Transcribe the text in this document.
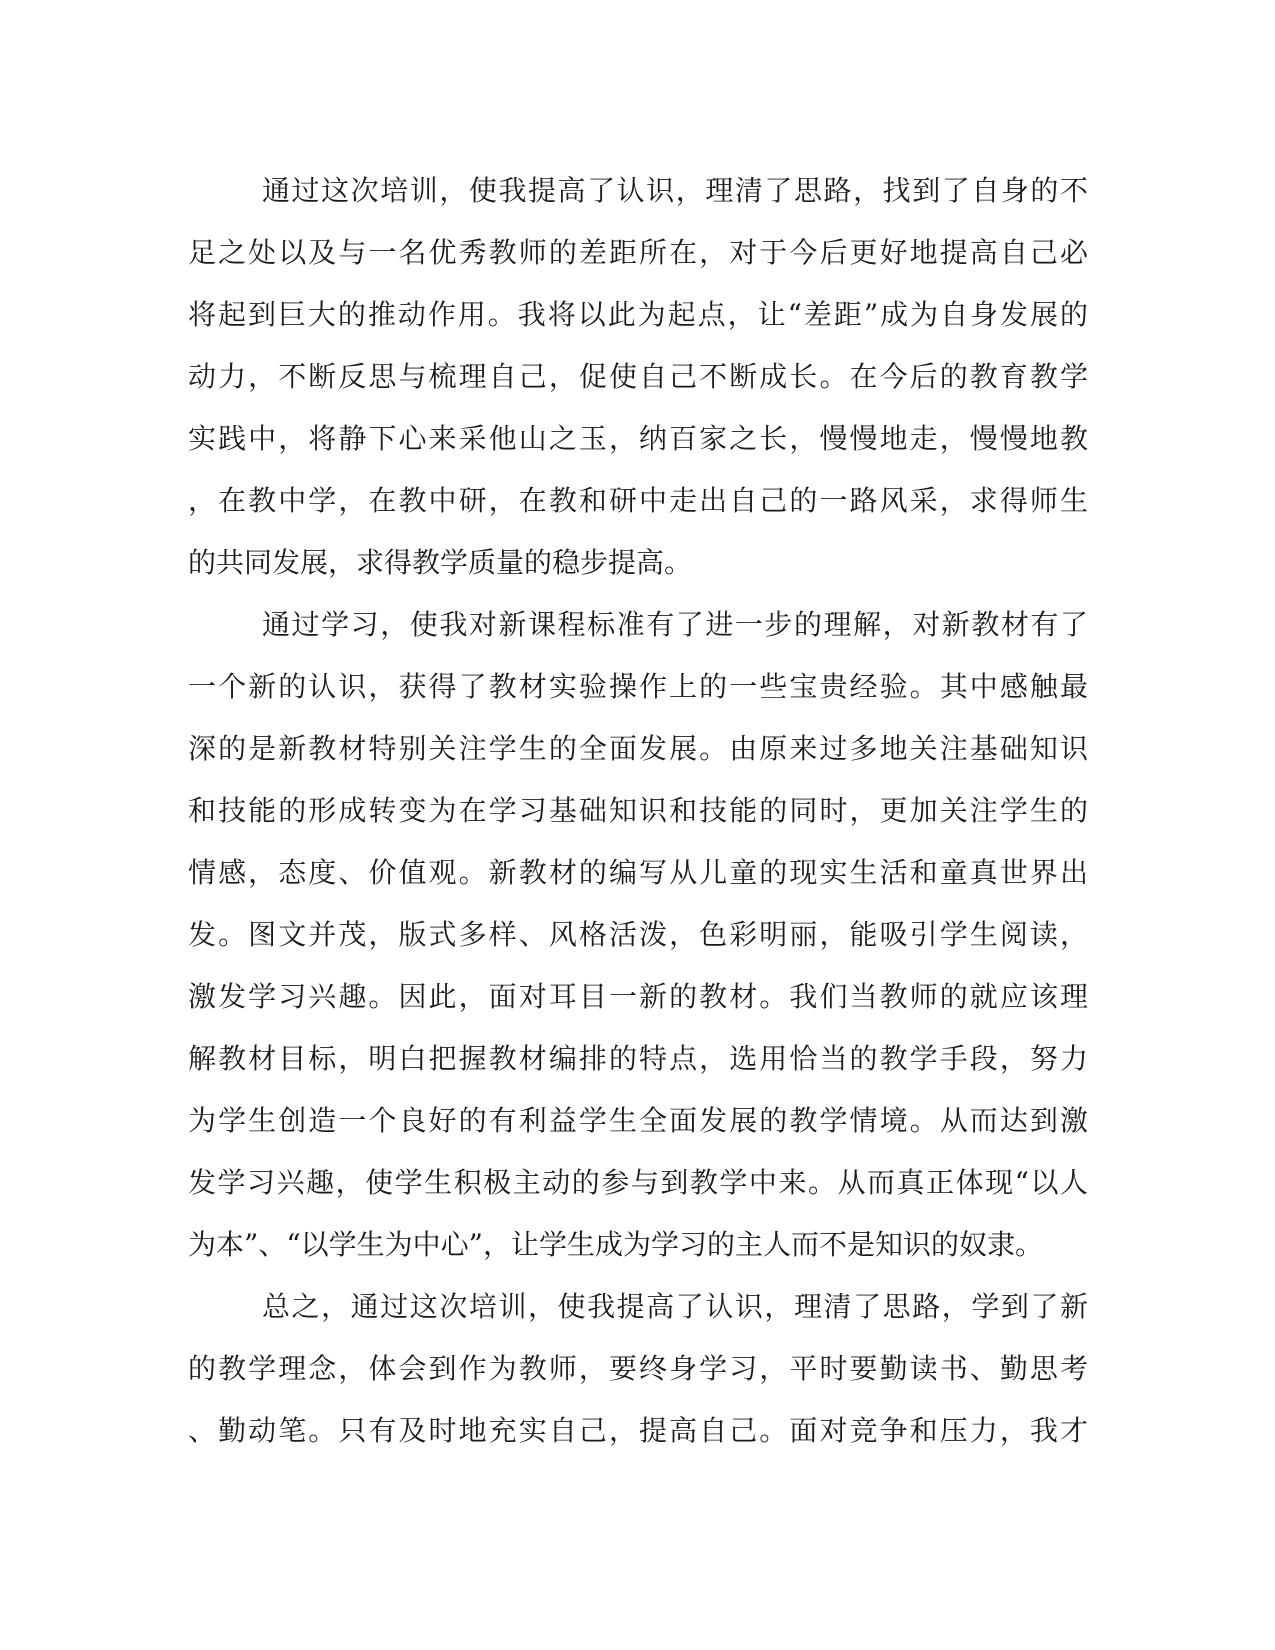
通过这次培训，使我提高了认识，理清了思路，找到了自身的不
足之处以及与一名优秀教师的差距所在，对于今后更好地提高自己必
将起到巨大的推动作用。我将以此为起点，让“差距”成为自身发展的
动力，不断反思与梳理自己，促使自己不断成长。在今后的教育教学
实践中，将静下心来采他山之玉，纳百家之长，慢慢地走，慢慢地教
，在教中学，在教中研，在教和研中走出自己的一路风采，求得师生
的共同发展，求得教学质量的稳步提高。
通过学习，使我对新课程标准有了进一步的理解，对新教材有了
一个新的认识，获得了教材实验操作上的一些宝贵经验。其中感触最
深的是新教材特别关注学生的全面发展。由原来过多地关注基础知识
和技能的形成转变为在学习基础知识和技能的同时，更加关注学生的
情感，态度、价值观。新教材的编写从儿童的现实生活和童真世界出
发。图文并茂，版式多样、风格活泼，色彩明丽，能吸引学生阅读，
激发学习兴趣。因此，面对耳目一新的教材。我们当教师的就应该理
解教材目标，明白把握教材编排的特点，选用恰当的教学手段，努力
为学生创造一个良好的有利益学生全面发展的教学情境。从而达到激
发学习兴趣，使学生积极主动的参与到教学中来。从而真正体现“以人
为本”、“以学生为中心”，让学生成为学习的主人而不是知识的奴隶。
总之，通过这次培训，使我提高了认识，理清了思路，学到了新
的教学理念，体会到作为教师，要终身学习，平时要勤读书、勤思考
、勤动笔。只有及时地充实自己，提高自己。面对竞争和压力，我才
